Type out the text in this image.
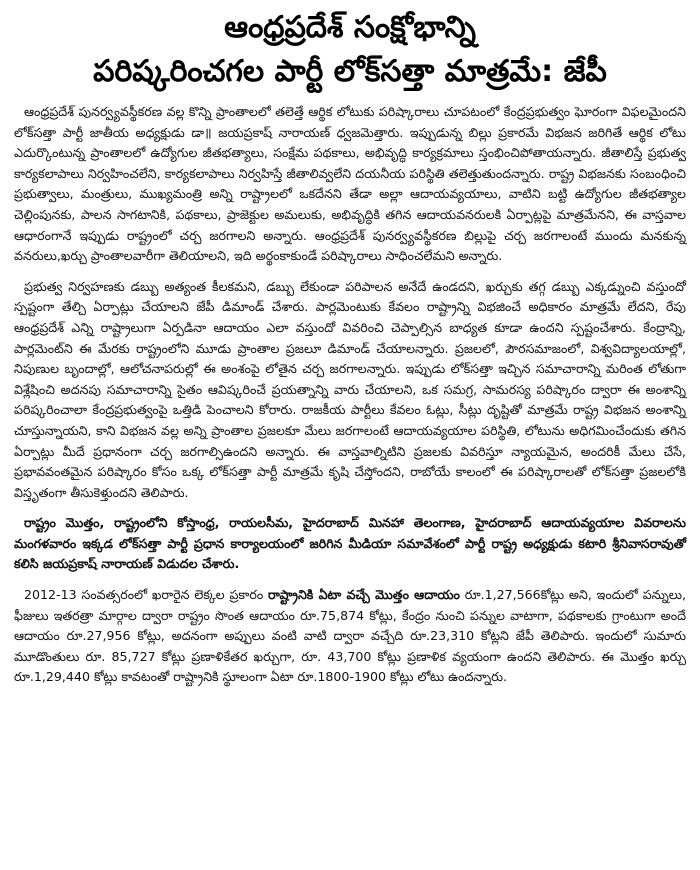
ఆంధ్రప్రదేశ్ సంక్షోభాన్ని
పరిష్కరించగల పార్టీ లోక్‌సత్తా మాత్రమే: జేపీ

ఆంధ్రప్రదేశ్ పునర్వ్యవస్థీకరణ వల్ల కొన్ని ప్రాంతాలలో తలెత్తే ఆర్థిక లోటుకు పరిష్కారాలు చూపటంలో కేంద్రప్రభుత్వం ఘోరంగా విఫలమైందని లోక్‌సత్తా పార్టీ జాతీయ అధ్యక్షుడు డా॥ జయప్రకాష్ నారాయణ్ ధ్వజమెత్తారు. ఇప్పుడున్న బిల్లు ప్రకారమే విభజన జరిగితే ఆర్థిక లోటు ఎదుర్కొంటున్న ప్రాంతాలలో ఉద్యోగుల జీతభత్యాలు, సంక్షేమ పథకాలు, అభివృద్ధి కార్యక్రమాలు స్తంభించిపోతాయన్నారు. జీతాలిస్తే ప్రభుత్వ కార్యకలాపాలు నిర్వహించలేని, కార్యకలాపాలు నిర్వహిస్తే జీతాలివ్వలేని దయనీయ పరిస్థితి తలెత్తుతుందన్నారు. రాష్ట్ర విభజనకు సంబంధించి ప్రభుత్వాలు, మంత్రులు, ముఖ్యమంత్రి అన్ని రాష్ట్రాలలో ఒకదేనని తేడా అల్లా ఆదాయవ్యయాలు, వాటిని బట్టి ఉద్యోగుల జీతభత్యాల చెల్లింపునకు, పాలన సాగటానికి, పథకాలు, ప్రాజెక్టుల అమలుకు, అభివృద్ధికి తగిన ఆదాయవనరులకి ఏర్పాట్లపై మాత్రమేనని, ఈ వాస్తవాల ఆధారంగానే ఇప్పుడు రాష్ట్రంలో చర్చ జరగాలని అన్నారు. ఆంధ్రప్రదేశ్ పునర్వ్యవస్థీకరణ బిల్లుపై చర్చ జరగాలంటే ముందు మనకున్న వనరులు,ఖర్చు ప్రాంతాలవారీగా తెలియాలని, ఇది అర్థంకాకుండే పరిష్కారాలు సాధించలేమని అన్నారు.

ప్రభుత్వ నిర్వహణకు డబ్బు అత్యంత కీలకమని, డబ్బు లేకుండా పరిపాలన అనేదే ఉండదని, ఖర్చుకు తగ్గ డబ్బు ఎక్కడ్నుంచి వస్తుందో స్పష్టంగా తేల్చి ఏర్పాట్లు చేయాలని జేపీ డిమాండ్ చేశారు. పార్లమెంటుకు కేవలం రాష్ట్రాన్ని విభజించే అధికారం మాత్రమే లేదని, రేపు ఆంధ్రప్రదేశ్ ఎన్ని రాష్ట్రాలుగా ఏర్పడినా ఆదాయం ఎలా వస్తుందో వివరించి చెప్పాల్సిన బాధ్యత కూడా ఉందని స్పష్టంచేశారు. కేంద్రాన్ని, పార్లమెంట్‌ని ఈ మేరకు రాష్ట్రంలోని మూడు ప్రాంతాల ప్రజలూ డిమాండ్ చేయాలన్నారు. ప్రజలలో, పౌరసమాజంలో, విశ్వవిద్యాలయాల్లో, నిపుణుల బృందాల్లో, ఆలోచనాపరుల్లో ఈ అంశంపై లోతైన చర్చ జరగాలన్నారు. ఇప్పుడు లోక్‌సత్తా ఇచ్చిన సమాచారాన్ని మరింత లోతుగా విశ్లేషించి అదనపు సమాచారాన్ని సైతం ఆవిష్కరించే ప్రయత్నాన్ని వారు చేయాలని, ఒక సమగ్ర, సామరస్య పరిష్కారం ద్వారా ఈ అంశాన్ని పరిష్కరించాలా కేంద్రప్రభుత్వంపై ఒత్తిడి పెంచాలని కోరారు. రాజకీయ పార్టీలు కేవలం ఓట్లు, సీట్లు దృష్టితో మాత్రమే రాష్ట్ర విభజన అంశాన్ని చూస్తున్నాయని, కాని విభజన వల్ల అన్ని ప్రాంతాల ప్రజలకూ మేలు జరగాలంటే ఆదాయవ్యయాల పరిస్థితి, లోటును అధిగమించేందుకు తగిన ఏర్పాట్లు మీదే ప్రధానంగా చర్చ జరగాల్సిఉందని అన్నారు. ఈ వాస్తవాల్నిటిని ప్రజలకు వివరిస్తూ న్యాయమైన, అందరికీ మేలు చేసే, ప్రభావవంతమైన పరిష్కారం కోసం ఒక్క లోక్‌సత్తా పార్టీ మాత్రమే కృషి చేస్తోందని, రాబోయే కాలంలో ఈ పరిష్కారాలతో లోక్‌సత్తా ప్రజలలోకి విస్తృతంగా తీసుకెళ్తుందని తెలిపారు.

రాష్ట్రం మొత్తం, రాష్ట్రంలోని కోస్తాంధ్ర, రాయలసీమ, హైదరాబాద్ మినహా తెలంగాణ, హైదరాబాద్ ఆదాయవ్యయాల వివరాలను మంగళవారం ఇక్కడ లోక్‌సత్తా పార్టీ ప్రధాన కార్యాలయంలో జరిగిన మీడియా సమావేశంలో పార్టీ రాష్ట్ర అధ్యక్షుడు కటారి శ్రీనివాసరావుతో కలిసి జయప్రకాష్ నారాయణ్ విడుదల చేశారు.

2012-13 సంవత్సరంలో ఖరారైన లెక్కల ప్రకారం రాష్ట్రానికి ఏటా వచ్చే మొత్తం ఆదాయం రూ.1,27,566కోట్లు అని, ఇందులో పన్నులు, ఫీజులు ఇతరత్రా మార్గాల ద్వారా రాష్ట్రం సొంత ఆదాయం రూ.75,874 కోట్లు, కేంద్రం నుంచి పన్నుల వాటాగా, పథకాలకు గ్రాంటుగా అందే ఆదాయం రూ.27,956 కోట్లు, అదనంగా అప్పులు వంటి వాటి ద్వారా వచ్చేది రూ.23,310 కోట్లని జేపీ తెలిపారు. ఇందులో సుమారు మూడొంతులు రూ. 85,727 కోట్లు ప్రణాళికేతర ఖర్చుగా, రూ. 43,700 కోట్లు ప్రణాళిక వ్యయంగా ఉందని తెలిపారు. ఈ మొత్తం ఖర్చు రూ.1,29,440 కోట్లు కావటంతో రాష్ట్రానికి స్థూలంగా ఏటా రూ.1800-1900 కోట్లు లోటు ఉందన్నారు.
